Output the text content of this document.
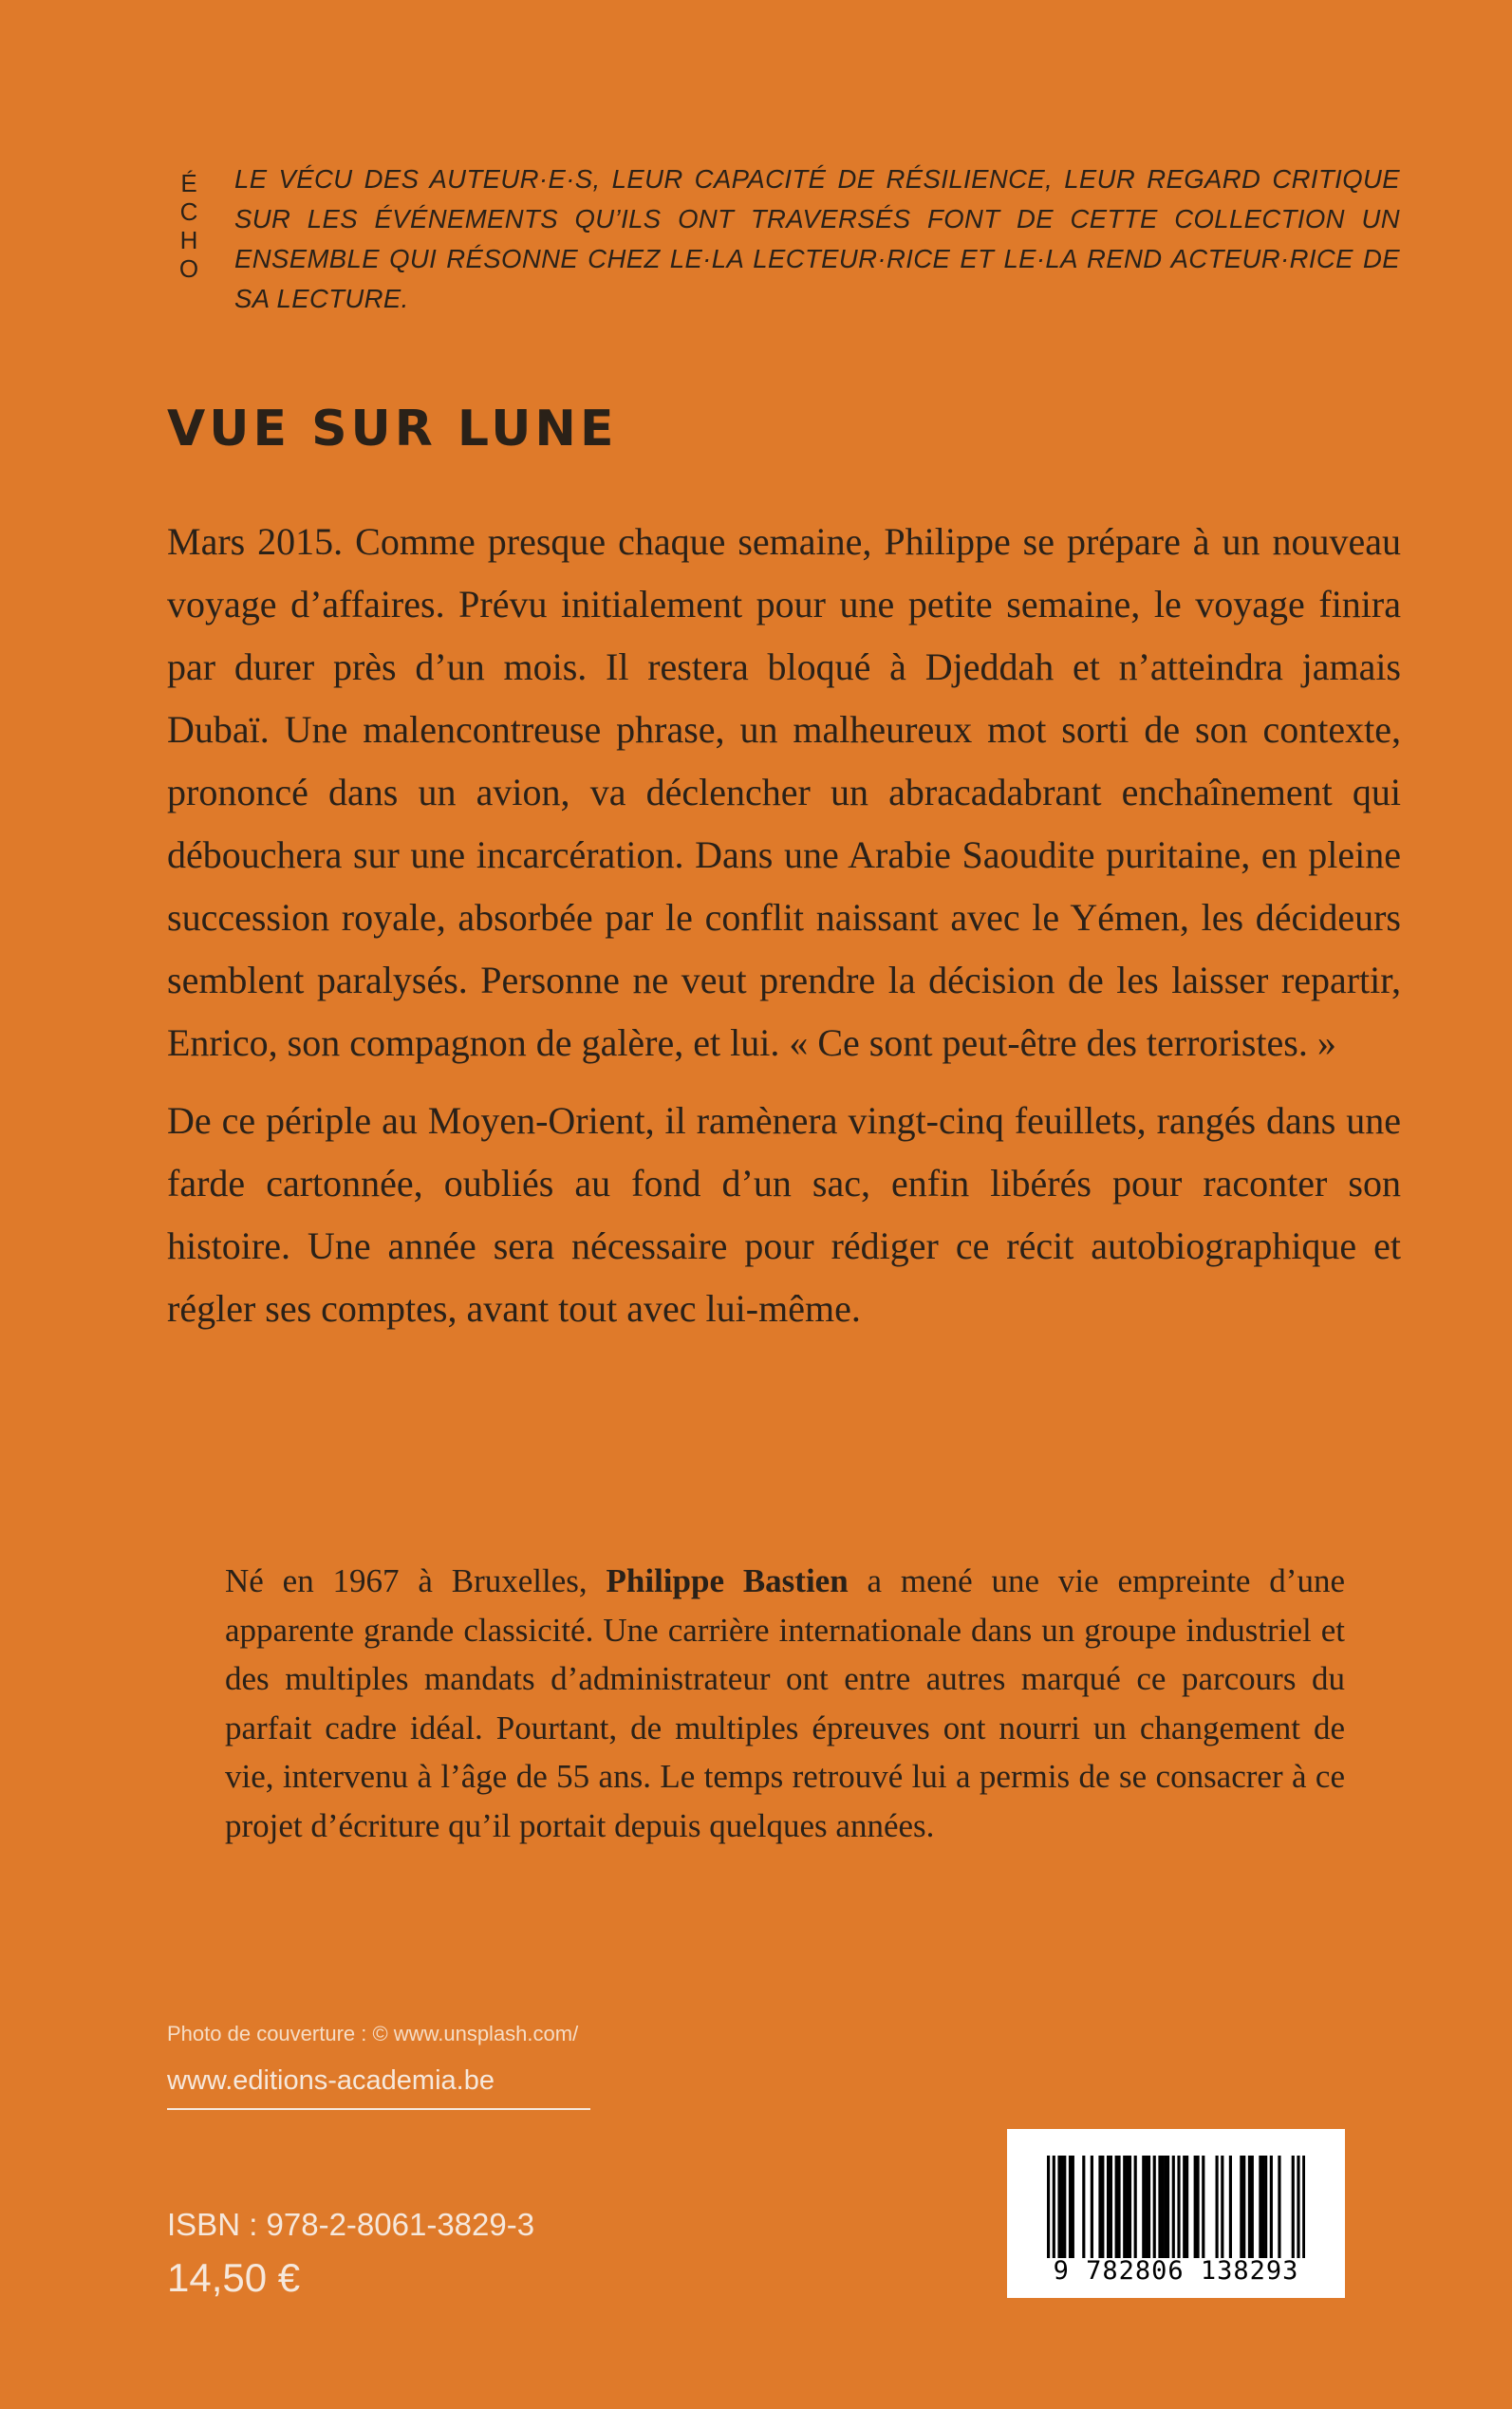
É
C
H
O
LE VÉCU DES AUTEUR·E·S, LEUR CAPACITÉ DE RÉSILIENCE, LEUR REGARD CRITIQUE SUR LES ÉVÉNEMENTS QU’ILS ONT TRAVERSÉS FONT DE CETTE COLLECTION UN ENSEMBLE QUI RÉSONNE CHEZ LE·LA LECTEUR·RICE ET LE·LA REND ACTEUR·RICE DE SA LECTURE.
VUE SUR LUNE

Mars 2015. Comme presque chaque semaine, Philippe se prépare à un nouveau voyage d’affaires. Prévu initialement pour une petite semaine, le voyage finira par durer près d’un mois. Il restera bloqué à Djeddah et n’atteindra jamais Dubaï. Une malencontreuse phrase, un malheureux mot sorti de son contexte, prononcé dans un avion, va déclencher un abracadabrant enchaînement qui débouchera sur une incarcération. Dans une Arabie Saoudite puritaine, en pleine succession royale, absorbée par le conflit naissant avec le Yémen, les décideurs semblent paralysés. Personne ne veut prendre la décision de les laisser repartir, Enrico, son compagnon de galère, et lui. « Ce sont peut-être des terroristes. »

De ce périple au Moyen-Orient, il ramènera vingt-cinq feuillets, rangés dans une farde cartonnée, oubliés au fond d’un sac, enfin libérés pour raconter son histoire. Une année sera nécessaire pour rédiger ce récit autobiographique et régler ses comptes, avant tout avec lui-même.

Né en 1967 à Bruxelles, Philippe Bastien a mené une vie empreinte d’une apparente grande classicité. Une carrière internationale dans un groupe industriel et des multiples mandats d’administrateur ont entre autres marqué ce parcours du parfait cadre idéal. Pourtant, de multiples épreuves ont nourri un changement de vie, intervenu à l’âge de 55 ans. Le temps retrouvé lui a permis de se consacrer à ce projet d’écriture qu’il portait depuis quelques années.
Photo de couverture : © www.unsplash.com/
www.editions-academia.be
ISBN : 978-2-8061-3829-3
14,50 €	9 782806 138293
